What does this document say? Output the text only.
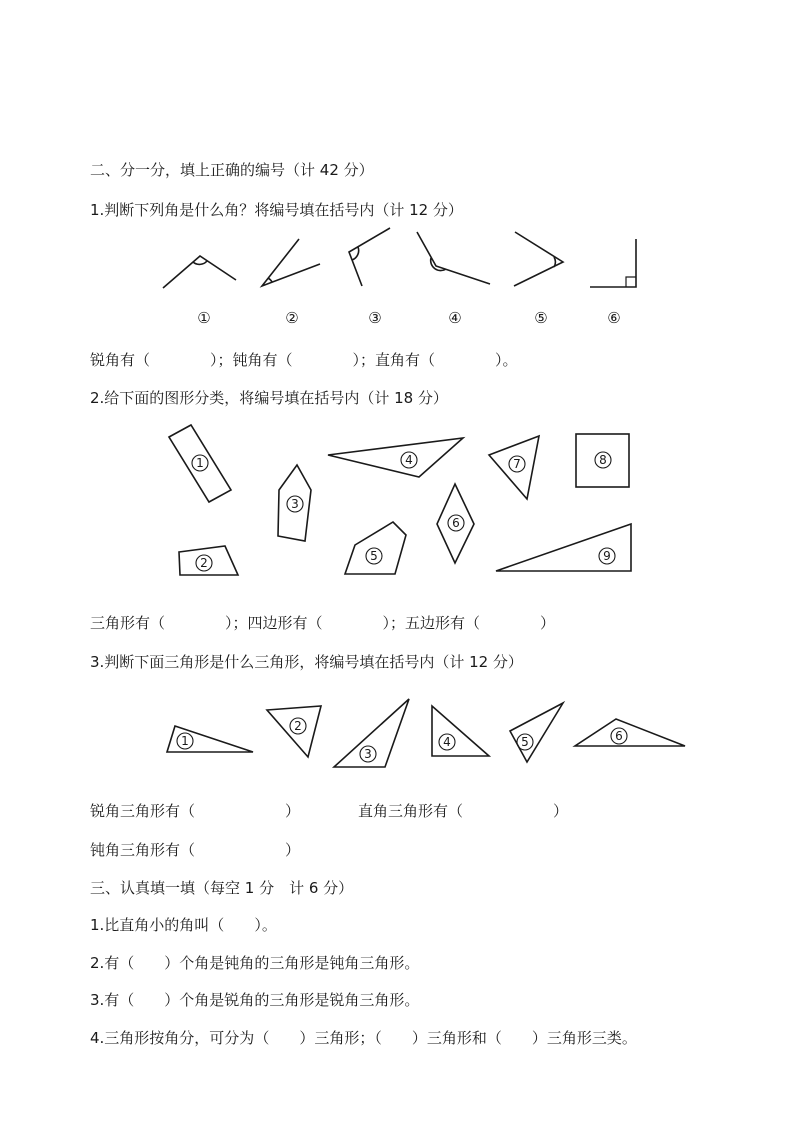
二、分一分，填上正确的编号（计 42 分）
1.判断下列角是什么角？将编号填在括号内（计 12 分）
锐角有（　　　　）；钝角有（　　　　）；直角有（　　　　）。
2.给下面的图形分类，将编号填在括号内（计 18 分）
三角形有（　　　　）；四边形有（　　　　）；五边形有（　　　　）
3.判断下面三角形是什么三角形，将编号填在括号内（计 12 分）
锐角三角形有（　　　　　　）	直角三角形有（　　　　　　）
钝角三角形有（　　　　　　）
三、认真填一填（每空 1 分　计 6 分）
1.比直角小的角叫（　　）。
2.有（　　）个角是钝角的三角形是钝角三角形。
3.有（　　）个角是锐角的三角形是锐角三角形。
4.三角形按角分，可分为（　　）三角形；（　　）三角形和（　　）三角形三类。
①	②	③	④	⑤	⑥
1
2
3
4
5
6
7	8
9
1
2
3
4	5	6
